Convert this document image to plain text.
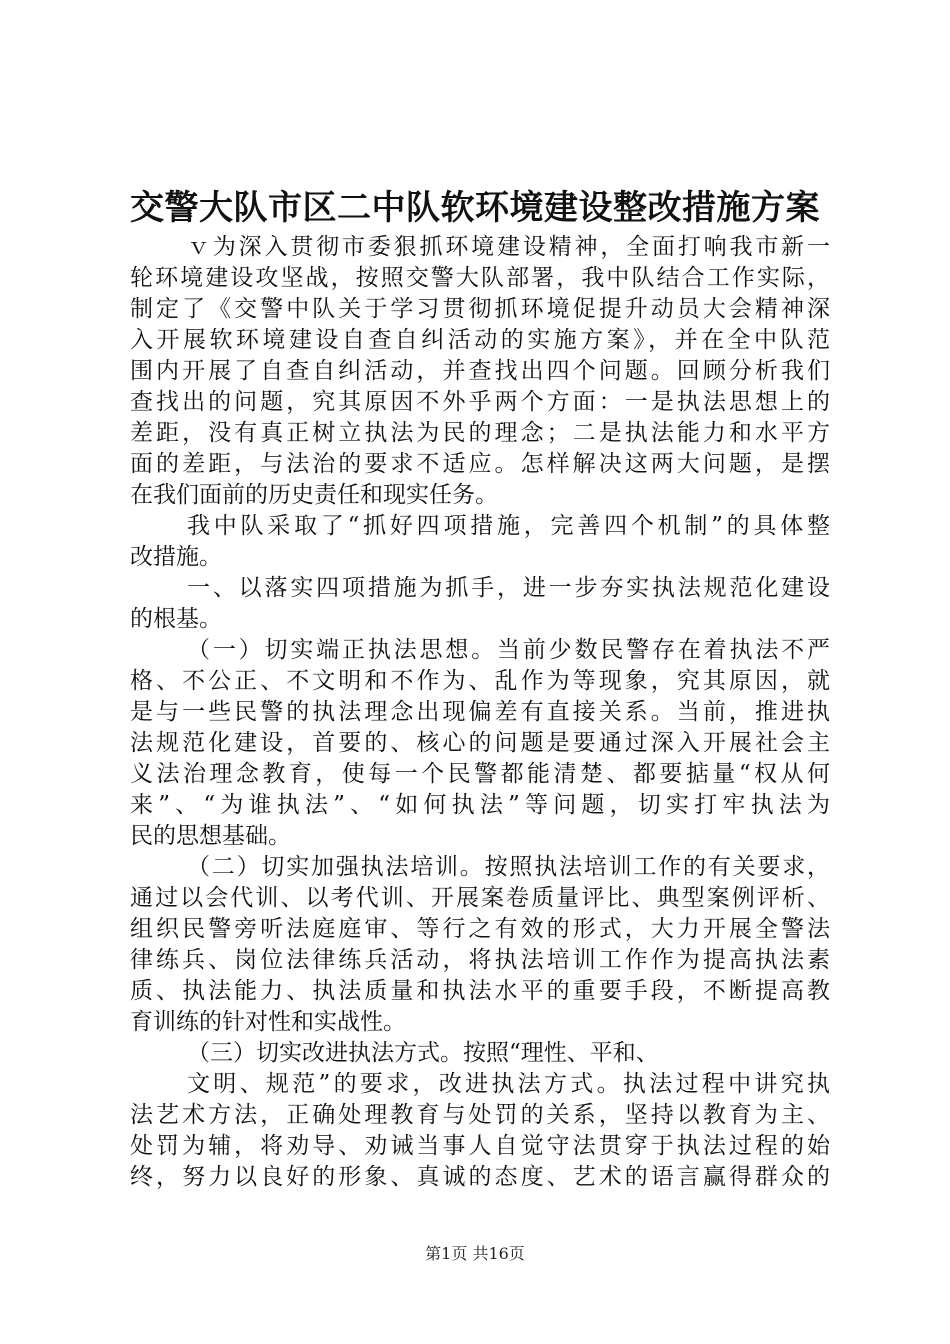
交警大队市区二中队软环境建设整改措施方案
ｖ为深入贯彻市委狠抓环境建设精神，全面打响我市新一
轮环境建设攻坚战，按照交警大队部署，我中队结合工作实际，
制定了《交警中队关于学习贯彻抓环境促提升动员大会精神深
入开展软环境建设自查自纠活动的实施方案》，并在全中队范
围内开展了自查自纠活动，并查找出四个问题。回顾分析我们
查找出的问题，究其原因不外乎两个方面：一是执法思想上的
差距，没有真正树立执法为民的理念；二是执法能力和水平方
面的差距，与法治的要求不适应。怎样解决这两大问题，是摆
在我们面前的历史责任和现实任务。
我中队采取了“抓好四项措施，完善四个机制”的具体整
改措施。
一、以落实四项措施为抓手，进一步夯实执法规范化建设
的根基。
（一）切实端正执法思想。当前少数民警存在着执法不严
格、不公正、不文明和不作为、乱作为等现象，究其原因，就
是与一些民警的执法理念出现偏差有直接关系。当前，推进执
法规范化建设，首要的、核心的问题是要通过深入开展社会主
义法治理念教育，使每一个民警都能清楚、都要掂量“权从何
来”、“为谁执法”、“如何执法”等问题，切实打牢执法为
民的思想基础。
（二）切实加强执法培训。按照执法培训工作的有关要求，
通过以会代训、以考代训、开展案卷质量评比、典型案例评析、
组织民警旁听法庭庭审、等行之有效的形式，大力开展全警法
律练兵、岗位法律练兵活动，将执法培训工作作为提高执法素
质、执法能力、执法质量和执法水平的重要手段，不断提高教
育训练的针对性和实战性。
（三）切实改进执法方式。按照“理性、平和、
文明、规范”的要求，改进执法方式。执法过程中讲究执
法艺术方法，正确处理教育与处罚的关系，坚持以教育为主、
处罚为辅，将劝导、劝诫当事人自觉守法贯穿于执法过程的始
终，努力以良好的形象、真诚的态度、艺术的语言赢得群众的
第1页 共16页
